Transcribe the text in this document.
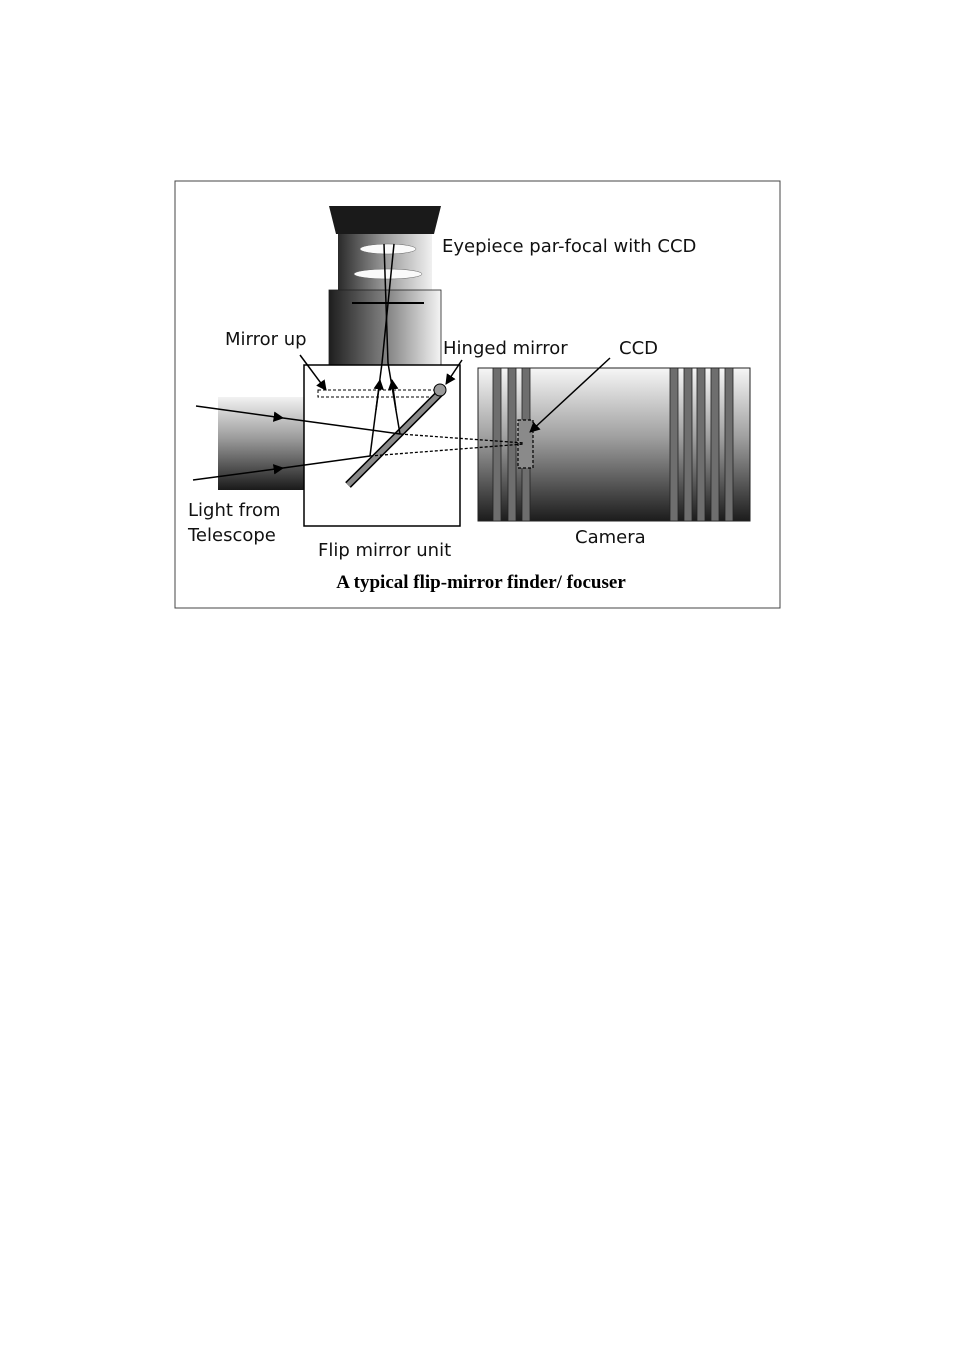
Eyepiece par-focal with CCD
Mirror up	Hinged mirror	CCD
Light from
Telescope
Flip mirror unit
Camera
A typical flip-mirror finder/ focuser
